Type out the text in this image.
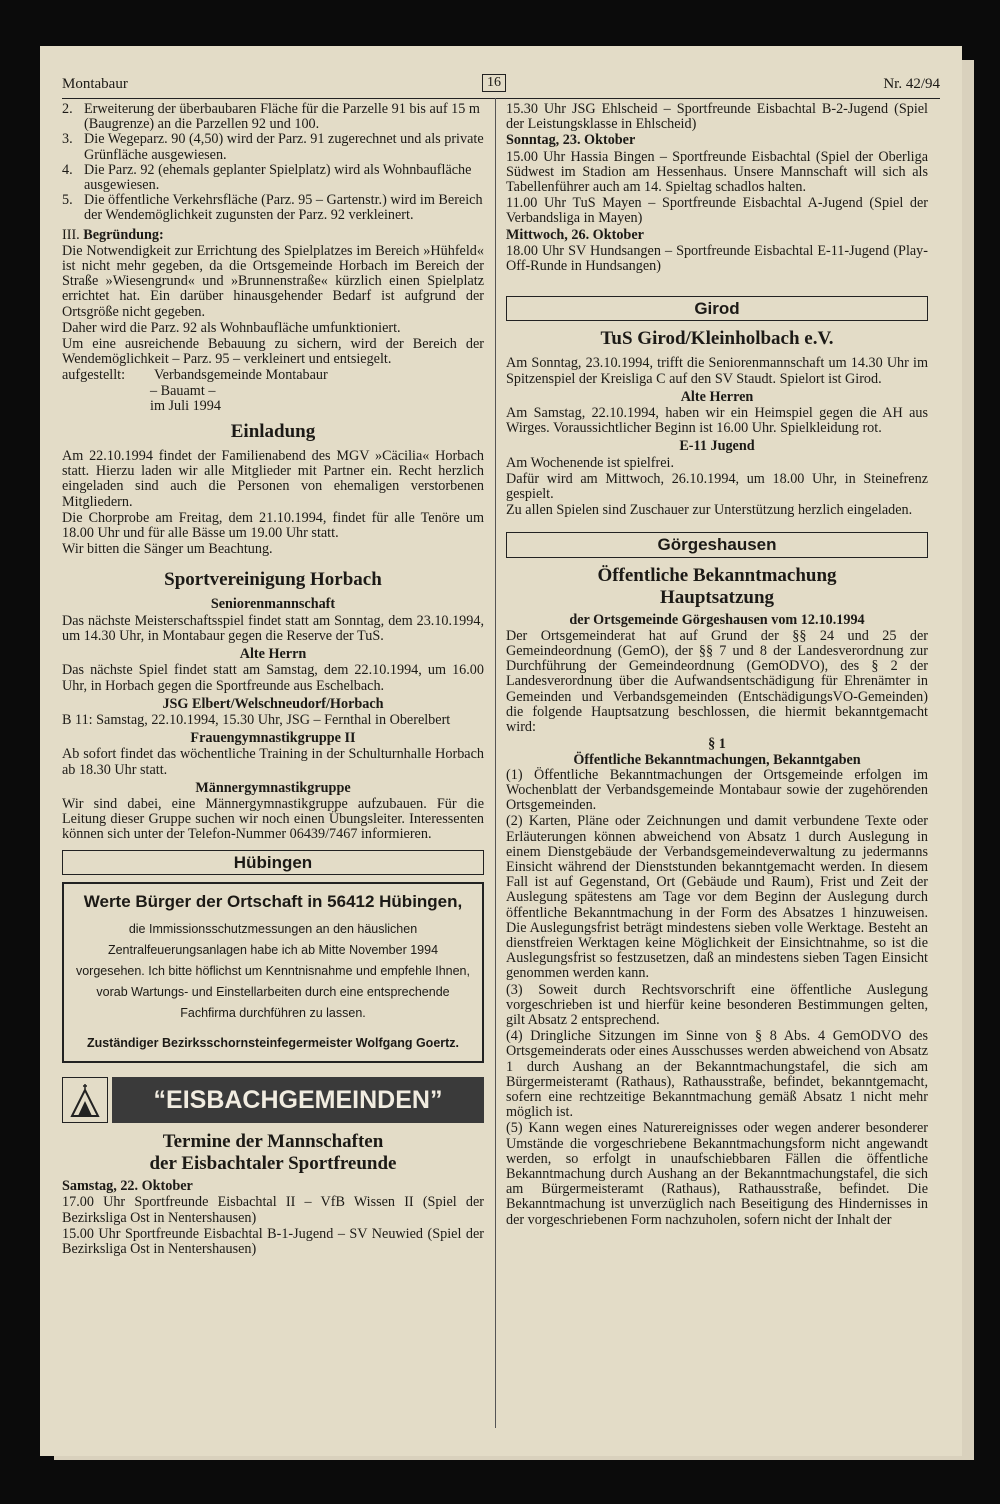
Montabaur	16	Nr. 42/94
2. Erweiterung der überbaubaren Fläche für die Parzelle 91 bis auf 15 m (Baugrenze) an die Parzellen 92 und 100.
3. Die Wegeparz. 90 (4,50) wird der Parz. 91 zugerechnet und als private Grünfläche ausgewiesen.
4. Die Parz. 92 (ehemals geplanter Spielplatz) wird als Wohnbaufläche ausgewiesen.
5. Die öffentliche Verkehrsfläche (Parz. 95 – Gartenstr.) wird im Bereich der Wendemöglichkeit zugunsten der Parz. 92 verkleinert.

III. Begründung:

Die Notwendigkeit zur Errichtung des Spielplatzes im Bereich »Hühfeld« ist nicht mehr gegeben, da die Ortsgemeinde Horbach im Bereich der Straße »Wiesengrund« und »Brunnenstraße« kürzlich einen Spielplatz errichtet hat. Ein darüber hinausgehender Bedarf ist aufgrund der Ortsgröße nicht gegeben.

Daher wird die Parz. 92 als Wohnbaufläche umfunktioniert.

Um eine ausreichende Bebauung zu sichern, wird der Bereich der Wendemöglichkeit – Parz. 95 – verkleinert und entsiegelt.

aufgestellt:	Verbandsgemeinde Montabaur
– Bauamt –
im Juli 1994
Einladung

Am 22.10.1994 findet der Familienabend des MGV »Cäcilia« Horbach statt. Hierzu laden wir alle Mitglieder mit Partner ein. Recht herzlich eingeladen sind auch die Personen von ehemaligen verstorbenen Mitgliedern.

Die Chorprobe am Freitag, dem 21.10.1994, findet für alle Tenöre um 18.00 Uhr und für alle Bässe um 19.00 Uhr statt.

Wir bitten die Sänger um Beachtung.

Sportvereinigung Horbach
Seniorenmannschaft

Das nächste Meisterschaftsspiel findet statt am Sonntag, dem 23.10.1994, um 14.30 Uhr, in Montabaur gegen die Reserve der TuS.

Alte Herrn

Das nächste Spiel findet statt am Samstag, dem 22.10.1994, um 16.00 Uhr, in Horbach gegen die Sportfreunde aus Eschelbach.

JSG Elbert/Welschneudorf/Horbach

B 11: Samstag, 22.10.1994, 15.30 Uhr, JSG – Fernthal in Oberelbert

Frauengymnastikgruppe II

Ab sofort findet das wöchentliche Training in der Schulturnhalle Horbach ab 18.30 Uhr statt.

Männergymnastikgruppe

Wir sind dabei, eine Männergymnastikgruppe aufzubauen. Für die Leitung dieser Gruppe suchen wir noch einen Übungsleiter. Interessenten können sich unter der Telefon-Nummer 06439/7467 informieren.

Hübingen
Werte Bürger der Ortschaft in 56412 Hübingen,
die Immissionsschutzmessungen an den häuslichen Zentralfeuerungsanlagen habe ich ab Mitte November 1994 vorgesehen. Ich bitte höflichst um Kenntnisnahme und empfehle Ihnen, vorab Wartungs- und Einstellarbeiten durch eine entsprechende Fachfirma durchführen zu lassen.
Zuständiger Bezirksschornsteinfegermeister Wolfgang Goertz.
“EISBACHGEMEINDEN”
Termine der Mannschaften
der Eisbachtaler Sportfreunde

Samstag, 22. Oktober

17.00 Uhr Sportfreunde Eisbachtal II – VfB Wissen II (Spiel der Bezirksliga Ost in Nentershausen)

15.00 Uhr Sportfreunde Eisbachtal B-1-Jugend – SV Neuwied (Spiel der Bezirksliga Ost in Nentershausen)

15.30 Uhr JSG Ehlscheid – Sportfreunde Eisbachtal B-2-Jugend (Spiel der Leistungsklasse in Ehlscheid)

Sonntag, 23. Oktober

15.00 Uhr Hassia Bingen – Sportfreunde Eisbachtal (Spiel der Oberliga Südwest im Stadion am Hessenhaus. Unsere Mannschaft will sich als Tabellenführer auch am 14. Spieltag schadlos halten.

11.00 Uhr TuS Mayen – Sportfreunde Eisbachtal A-Jugend (Spiel der Verbandsliga in Mayen)

Mittwoch, 26. Oktober

18.00 Uhr SV Hundsangen – Sportfreunde Eisbachtal E-11-Jugend (Play-Off-Runde in Hundsangen)

Girod
TuS Girod/Kleinholbach e.V.

Am Sonntag, 23.10.1994, trifft die Seniorenmannschaft um 14.30 Uhr im Spitzenspiel der Kreisliga C auf den SV Staudt. Spielort ist Girod.

Alte Herren

Am Samstag, 22.10.1994, haben wir ein Heimspiel gegen die AH aus Wirges. Voraussichtlicher Beginn ist 16.00 Uhr. Spielkleidung rot.

E-11 Jugend

Am Wochenende ist spielfrei.

Dafür wird am Mittwoch, 26.10.1994, um 18.00 Uhr, in Steinefrenz gespielt.

Zu allen Spielen sind Zuschauer zur Unterstützung herzlich eingeladen.

Görgeshausen
Öffentliche Bekanntmachung
Hauptsatzung
der Ortsgemeinde Görgeshausen vom 12.10.1994

Der Ortsgemeinderat hat auf Grund der §§ 24 und 25 der Gemeindeordnung (GemO), der §§ 7 und 8 der Landesverordnung zur Durchführung der Gemeindeordnung (GemODVO), des § 2 der Landesverordnung über die Aufwandsentschädigung für Ehrenämter in Gemeinden und Verbandsgemeinden (EntschädigungsVO-Gemeinden) die folgende Hauptsatzung beschlossen, die hiermit bekanntgemacht wird:

§ 1
Öffentliche Bekanntmachungen, Bekanntgaben

(1) Öffentliche Bekanntmachungen der Ortsgemeinde erfolgen im Wochenblatt der Verbandsgemeinde Montabaur sowie der zugehörenden Ortsgemeinden.

(2) Karten, Pläne oder Zeichnungen und damit verbundene Texte oder Erläuterungen können abweichend von Absatz 1 durch Auslegung in einem Dienstgebäude der Verbandsgemeindeverwaltung zu jedermanns Einsicht während der Dienststunden bekanntgemacht werden. In diesem Fall ist auf Gegenstand, Ort (Gebäude und Raum), Frist und Zeit der Auslegung spätestens am Tage vor dem Beginn der Auslegung durch öffentliche Bekanntmachung in der Form des Absatzes 1 hinzuweisen. Die Auslegungsfrist beträgt mindestens sieben volle Werktage. Besteht an dienstfreien Werktagen keine Möglichkeit der Einsichtnahme, so ist die Auslegungsfrist so festzusetzen, daß an mindestens sieben Tagen Einsicht genommen werden kann.

(3) Soweit durch Rechtsvorschrift eine öffentliche Auslegung vorgeschrieben ist und hierfür keine besonderen Bestimmungen gelten, gilt Absatz 2 entsprechend.

(4) Dringliche Sitzungen im Sinne von § 8 Abs. 4 GemODVO des Ortsgemeinderats oder eines Ausschusses werden abweichend von Absatz 1 durch Aushang an der Bekanntmachungstafel, die sich am Bürgermeisteramt (Rathaus), Rathausstraße, befindet, bekanntgemacht, sofern eine rechtzeitige Bekanntmachung gemäß Absatz 1 nicht mehr möglich ist.

(5) Kann wegen eines Naturereignisses oder wegen anderer besonderer Umstände die vorgeschriebene Bekanntmachungsform nicht angewandt werden, so erfolgt in unaufschiebbaren Fällen die öffentliche Bekanntmachung durch Aushang an der Bekanntmachungstafel, die sich am Bürgermeisteramt (Rathaus), Rathausstraße, befindet. Die Bekanntmachung ist unverzüglich nach Beseitigung des Hindernisses in der vorgeschriebenen Form nachzuholen, sofern nicht der Inhalt der
